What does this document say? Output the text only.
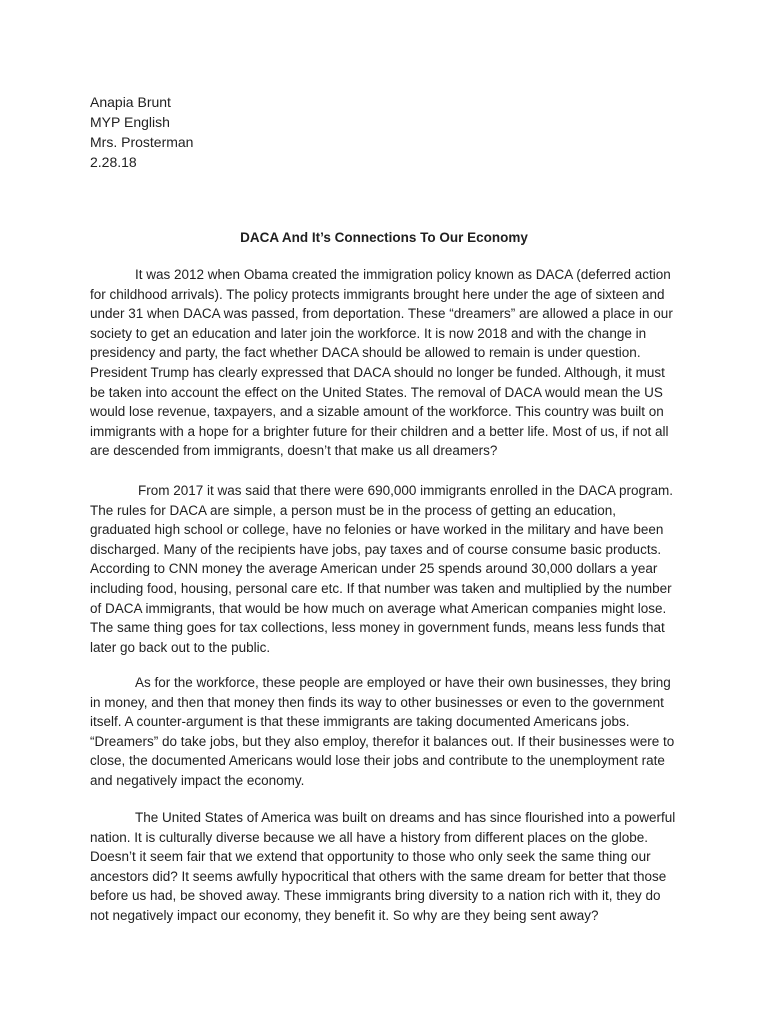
Anapia Brunt
MYP English
Mrs. Prosterman
2.28.18
DACA And It’s Connections To Our Economy

It was 2012 when Obama created the immigration policy known as DACA (deferred action for childhood arrivals). The policy protects immigrants brought here under the age of sixteen and under 31 when DACA was passed, from deportation. These “dreamers” are allowed a place in our society to get an education and later join the workforce. It is now 2018 and with the change in presidency and party, the fact whether DACA should be allowed to remain is under question. President Trump has clearly expressed that DACA should no longer be funded. Although, it must be taken into account the effect on the United States. The removal of DACA would mean the US would lose revenue, taxpayers, and a sizable amount of the workforce. This country was built on immigrants with a hope for a brighter future for their children and a better life. Most of us, if not all are descended from immigrants, doesn’t that make us all dreamers?

From 2017 it was said that there were 690,000 immigrants enrolled in the DACA program. The rules for DACA are simple, a person must be in the process of getting an education, graduated high school or college, have no felonies or have worked in the military and have been discharged. Many of the recipients have jobs, pay taxes and of course consume basic products. According to CNN money the average American under 25 spends around 30,000 dollars a year including food, housing, personal care etc. If that number was taken and multiplied by the number of DACA immigrants, that would be how much on average what American companies might lose. The same thing goes for tax collections, less money in government funds, means less funds that later go back out to the public.

As for the workforce, these people are employed or have their own businesses, they bring in money, and then that money then finds its way to other businesses or even to the government itself. A counter-argument is that these immigrants are taking documented Americans jobs. “Dreamers” do take jobs, but they also employ, therefor it balances out. If their businesses were to close, the documented Americans would lose their jobs and contribute to the unemployment rate and negatively impact the economy.

The United States of America was built on dreams and has since flourished into a powerful nation. It is culturally diverse because we all have a history from different places on the globe. Doesn’t it seem fair that we extend that opportunity to those who only seek the same thing our ancestors did? It seems awfully hypocritical that others with the same dream for better that those before us had, be shoved away. These immigrants bring diversity to a nation rich with it, they do not negatively impact our economy, they benefit it. So why are they being sent away?
